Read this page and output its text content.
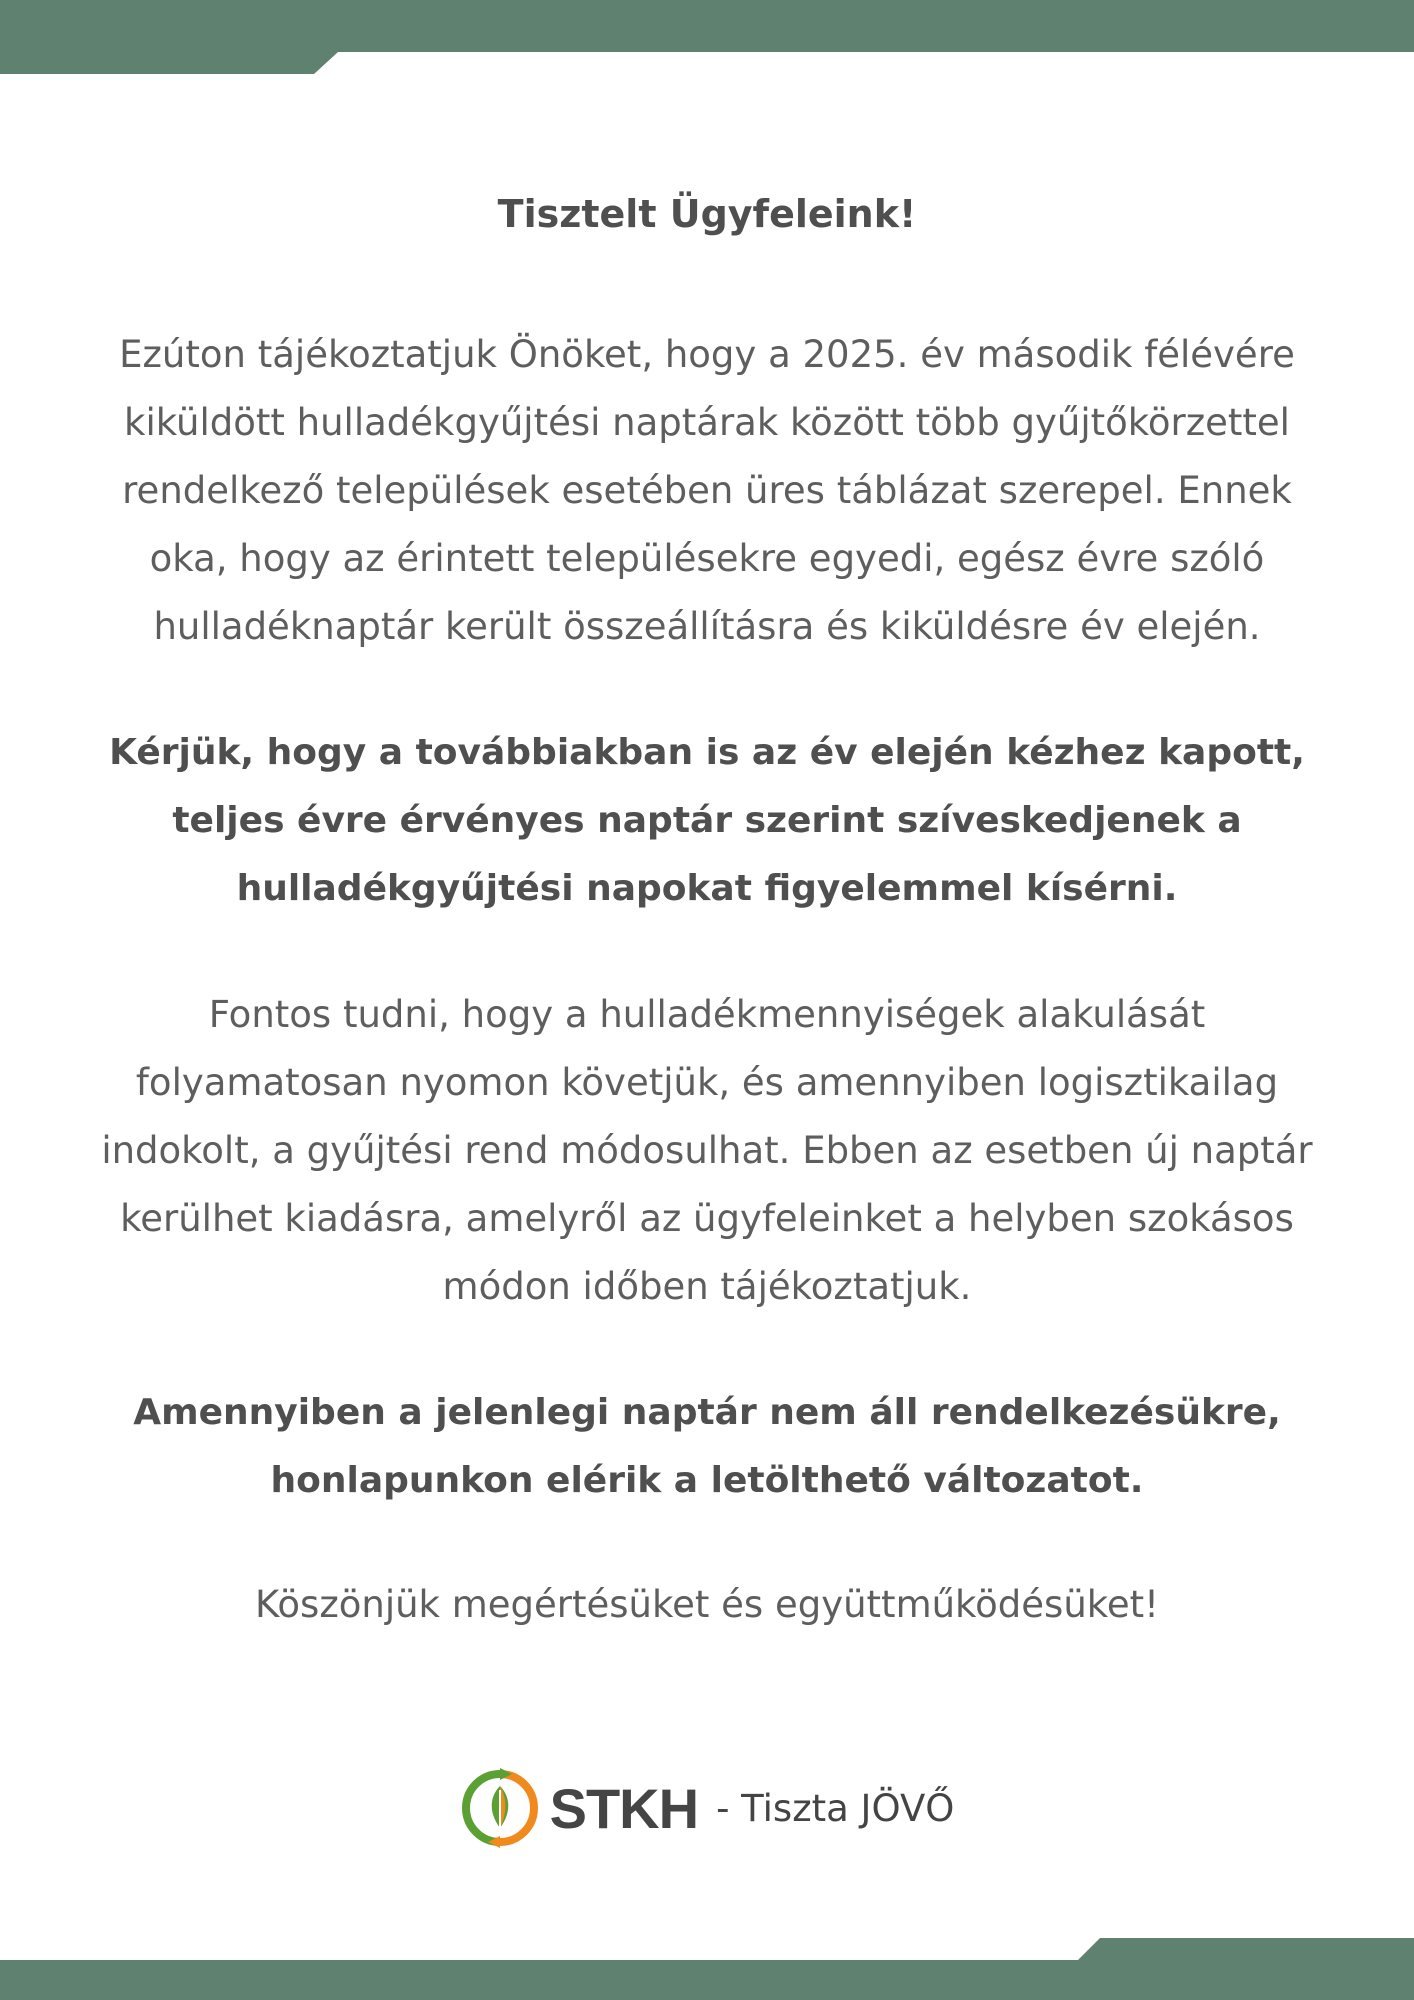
Tisztelt Ügyfeleink!

Ezúton tájékoztatjuk Önöket, hogy a 2025. év második félévére kiküldött hulladékgyűjtési naptárak között több gyűjtőkörzettel rendelkező települések esetében üres táblázat szerepel. Ennek oka, hogy az érintett településekre egyedi, egész évre szóló hulladéknaptár került összeállításra és kiküldésre év elején.

Kérjük, hogy a továbbiakban is az év elején kézhez kapott, teljes évre érvényes naptár szerint szíveskedjenek a hulladékgyűjtési napokat figyelemmel kísérni.

Fontos tudni, hogy a hulladékmennyiségek alakulását folyamatosan nyomon követjük, és amennyiben logisztikailag indokolt, a gyűjtési rend módosulhat. Ebben az esetben új naptár kerülhet kiadásra, amelyről az ügyfeleinket a helyben szokásos módon időben tájékoztatjuk.

Amennyiben a jelenlegi naptár nem áll rendelkezésükre, honlapunkon elérik a letölthető változatot.

Köszönjük megértésüket és együttműködésüket!

STKH - Tiszta JÖVŐ
